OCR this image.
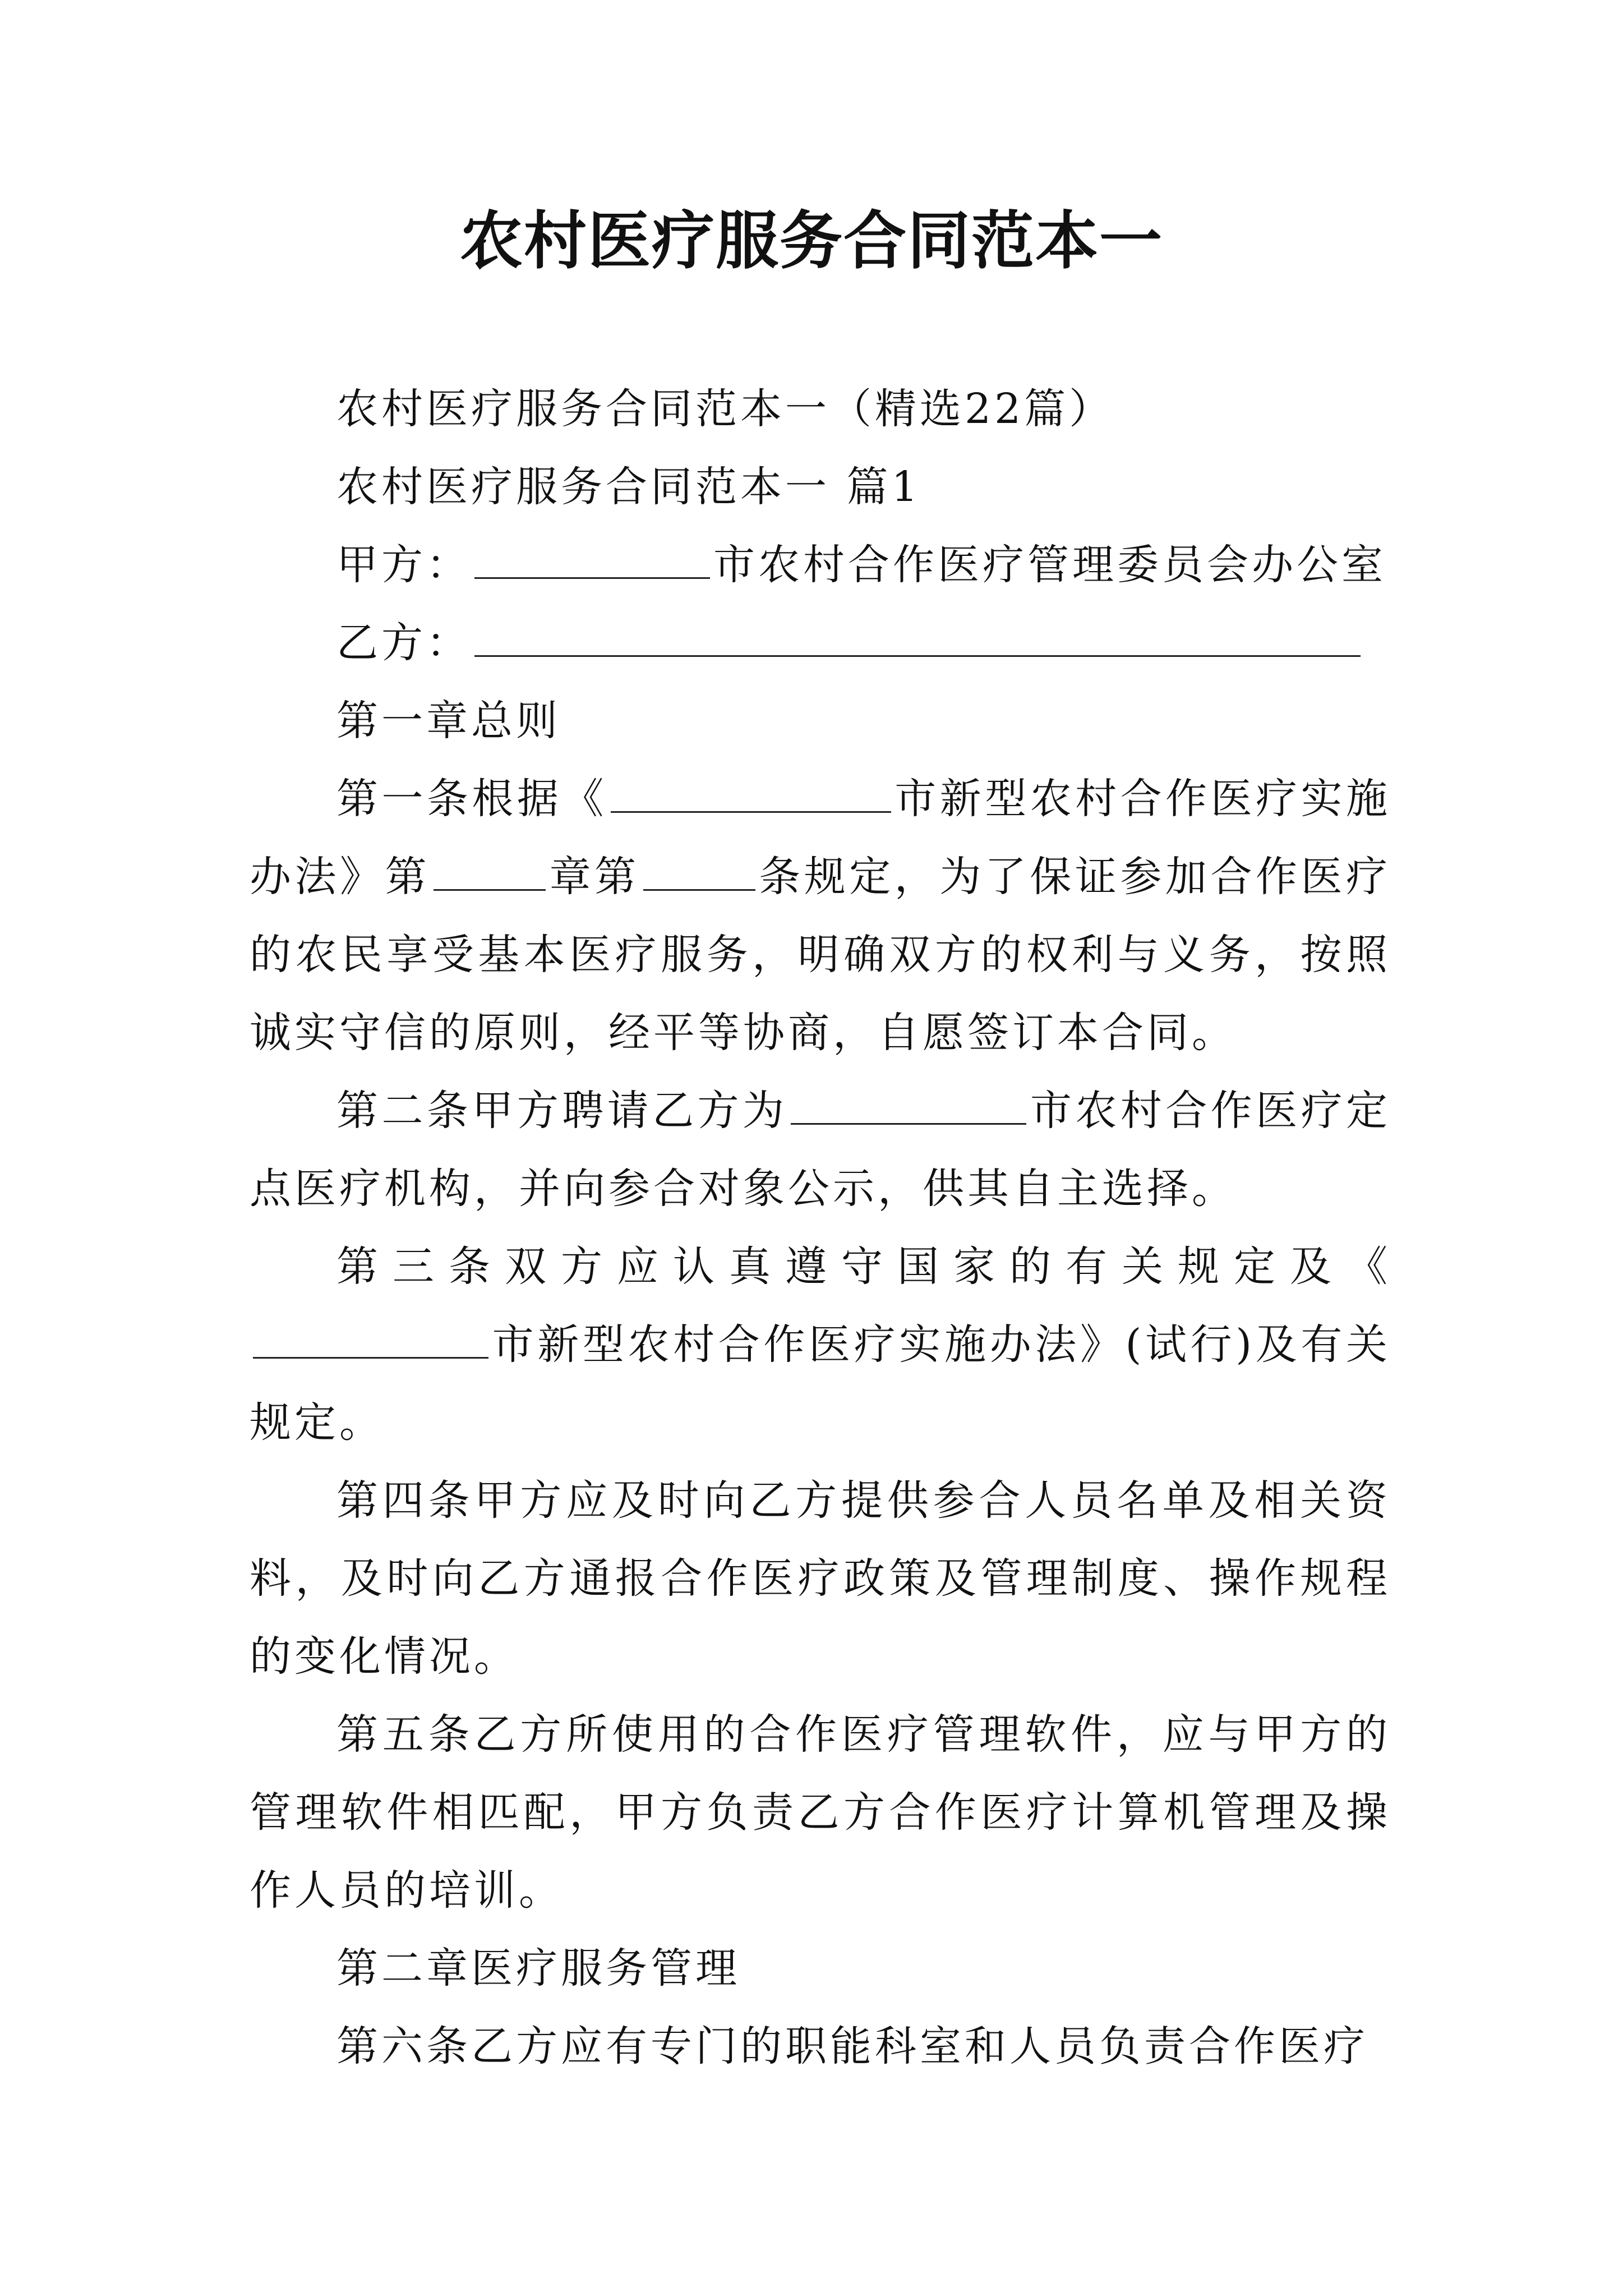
农村医疗服务合同范本一

农村医疗服务合同范本一（精选22篇）

农村医疗服务合同范本一 篇1

甲方：	市农村合作医疗管理委员会办公室

乙方：

第一章总则

第一条根据《	市新型农村合作医疗实施办法》第	章第	条规定，为了保证参加合作医疗的农民享受基本医疗服务，明确双方的权利与义务，按照诚实守信的原则，经平等协商，自愿签订本合同。

第二条甲方聘请乙方为	市农村合作医疗定点医疗机构，并向参合对象公示，供其自主选择。

第三条双方应认真遵守国家的有关规定及《市新型农村合作医疗实施办法》(试行)及有关规定。

第四条甲方应及时向乙方提供参合人员名单及相关资料，及时向乙方通报合作医疗政策及管理制度、操作规程的变化情况。

第五条乙方所使用的合作医疗管理软件，应与甲方的管理软件相匹配，甲方负责乙方合作医疗计算机管理及操作人员的培训。

第二章医疗服务管理

第六条乙方应有专门的职能科室和人员负责合作医疗
